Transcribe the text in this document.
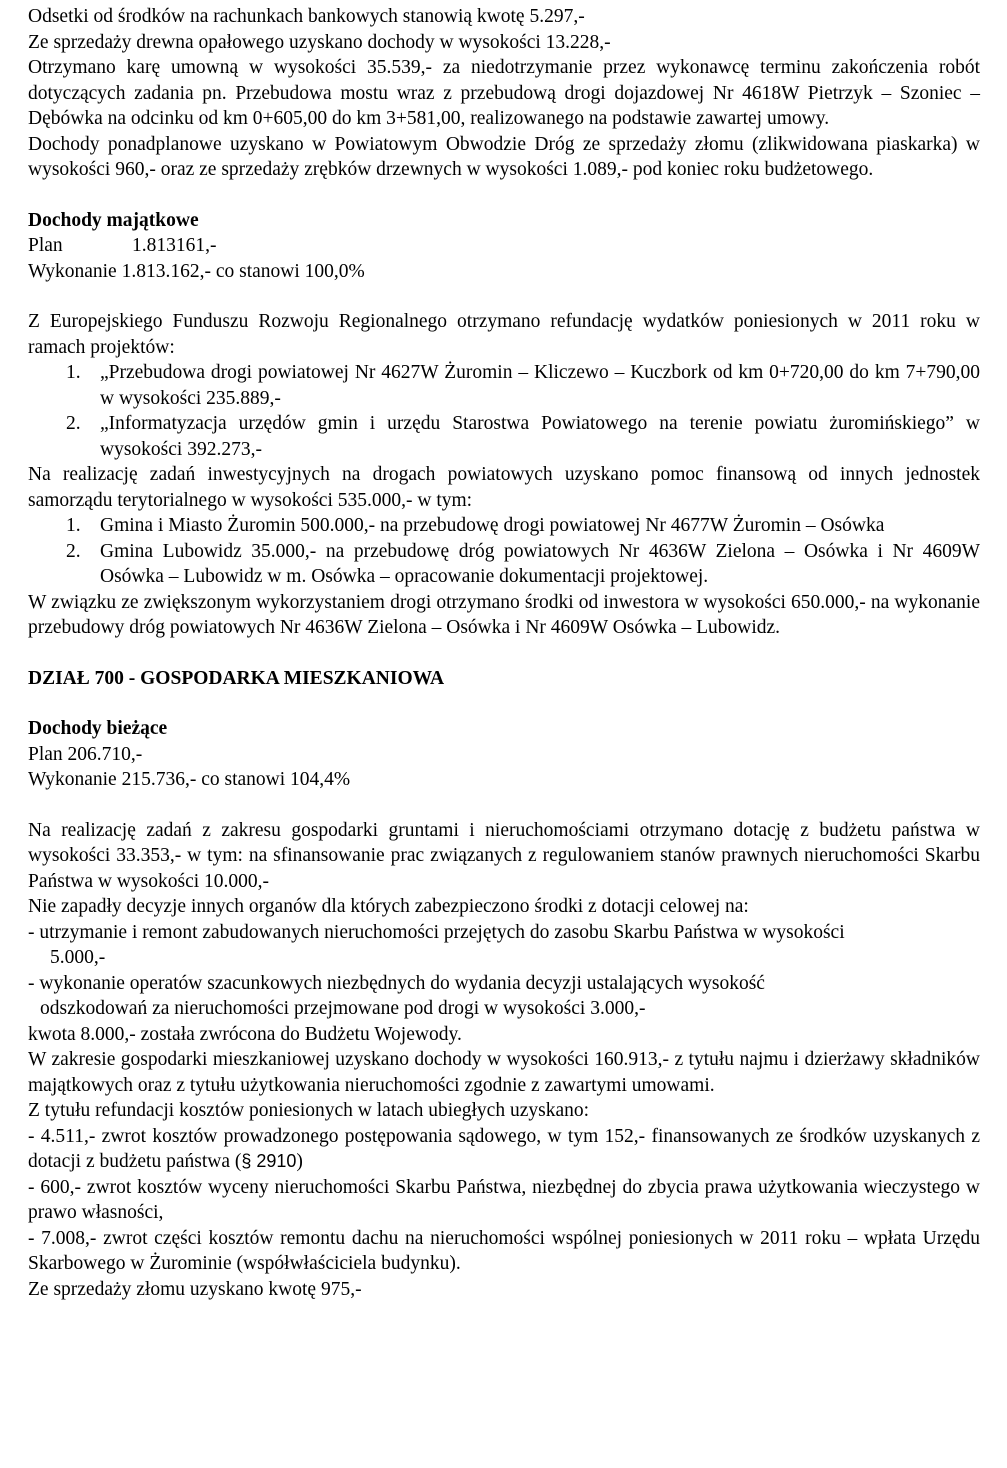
Odsetki od środków na rachunkach bankowych stanowią kwotę 5.297,-

Ze sprzedaży drewna opałowego uzyskano dochody w wysokości 13.228,-

Otrzymano karę umowną w wysokości 35.539,- za niedotrzymanie przez wykonawcę terminu zakończenia robót dotyczących zadania pn. Przebudowa mostu wraz z przebudową drogi dojazdowej Nr 4618W Pietrzyk – Szoniec – Dębówka na odcinku od km 0+605,00 do km 3+581,00, realizowanego na podstawie zawartej umowy.

Dochody ponadplanowe uzyskano w Powiatowym Obwodzie Dróg ze sprzedaży złomu (zlikwidowana piaskarka) w wysokości 960,- oraz ze sprzedaży zrębków drzewnych w wysokości 1.089,- pod koniec roku budżetowego.

Dochody majątkowe

Plan	1.813161,-

Wykonanie 1.813.162,- co stanowi 100,0%

Z Europejskiego Funduszu Rozwoju Regionalnego otrzymano refundację wydatków poniesionych w 2011 roku w ramach projektów:

1. „Przebudowa drogi powiatowej Nr 4627W Żuromin – Kliczewo – Kuczbork od km 0+720,00 do km 7+790,00 w wysokości 235.889,-
2. „Informatyzacja urzędów gmin i urzędu Starostwa Powiatowego na terenie powiatu żuromińskiego” w wysokości 392.273,-

Na realizację zadań inwestycyjnych na drogach powiatowych uzyskano pomoc finansową od innych jednostek samorządu terytorialnego w wysokości 535.000,- w tym:

1. Gmina i Miasto Żuromin 500.000,- na przebudowę drogi powiatowej Nr 4677W Żuromin – Osówka
2. Gmina Lubowidz 35.000,- na przebudowę dróg powiatowych Nr 4636W Zielona – Osówka i Nr 4609W Osówka – Lubowidz w m. Osówka – opracowanie dokumentacji projektowej.

W związku ze zwiększonym wykorzystaniem drogi otrzymano środki od inwestora w wysokości 650.000,- na wykonanie przebudowy dróg powiatowych Nr 4636W Zielona – Osówka i Nr 4609W Osówka – Lubowidz.

DZIAŁ 700 - GOSPODARKA MIESZKANIOWA

Dochody bieżące

Plan 206.710,-

Wykonanie 215.736,- co stanowi 104,4%

Na realizację zadań z zakresu gospodarki gruntami i nieruchomościami otrzymano dotację z budżetu państwa w wysokości 33.353,- w tym: na sfinansowanie prac związanych z regulowaniem stanów prawnych nieruchomości Skarbu Państwa w wysokości 10.000,-

Nie zapadły decyzje innych organów dla których zabezpieczono środki z dotacji celowej na:

- utrzymanie i remont zabudowanych nieruchomości przejętych do zasobu Skarbu Państwa w wysokości

5.000,-

- wykonanie operatów szacunkowych niezbędnych do wydania decyzji ustalających wysokość

odszkodowań za nieruchomości przejmowane pod drogi w wysokości 3.000,-

kwota 8.000,- została zwrócona do Budżetu Wojewody.

W zakresie gospodarki mieszkaniowej uzyskano dochody w wysokości 160.913,- z tytułu najmu i dzierżawy składników majątkowych oraz z tytułu użytkowania nieruchomości zgodnie z zawartymi umowami.

Z tytułu refundacji kosztów poniesionych w latach ubiegłych uzyskano:

- 4.511,- zwrot kosztów prowadzonego postępowania sądowego, w tym 152,- finansowanych ze środków uzyskanych z dotacji z budżetu państwa (§ 2910)

- 600,- zwrot kosztów wyceny nieruchomości Skarbu Państwa, niezbędnej do zbycia prawa użytkowania wieczystego w prawo własności,

- 7.008,- zwrot części kosztów remontu dachu na nieruchomości wspólnej poniesionych w 2011 roku – wpłata Urzędu Skarbowego w Żurominie (współwłaściciela budynku).

Ze sprzedaży złomu uzyskano kwotę 975,-
